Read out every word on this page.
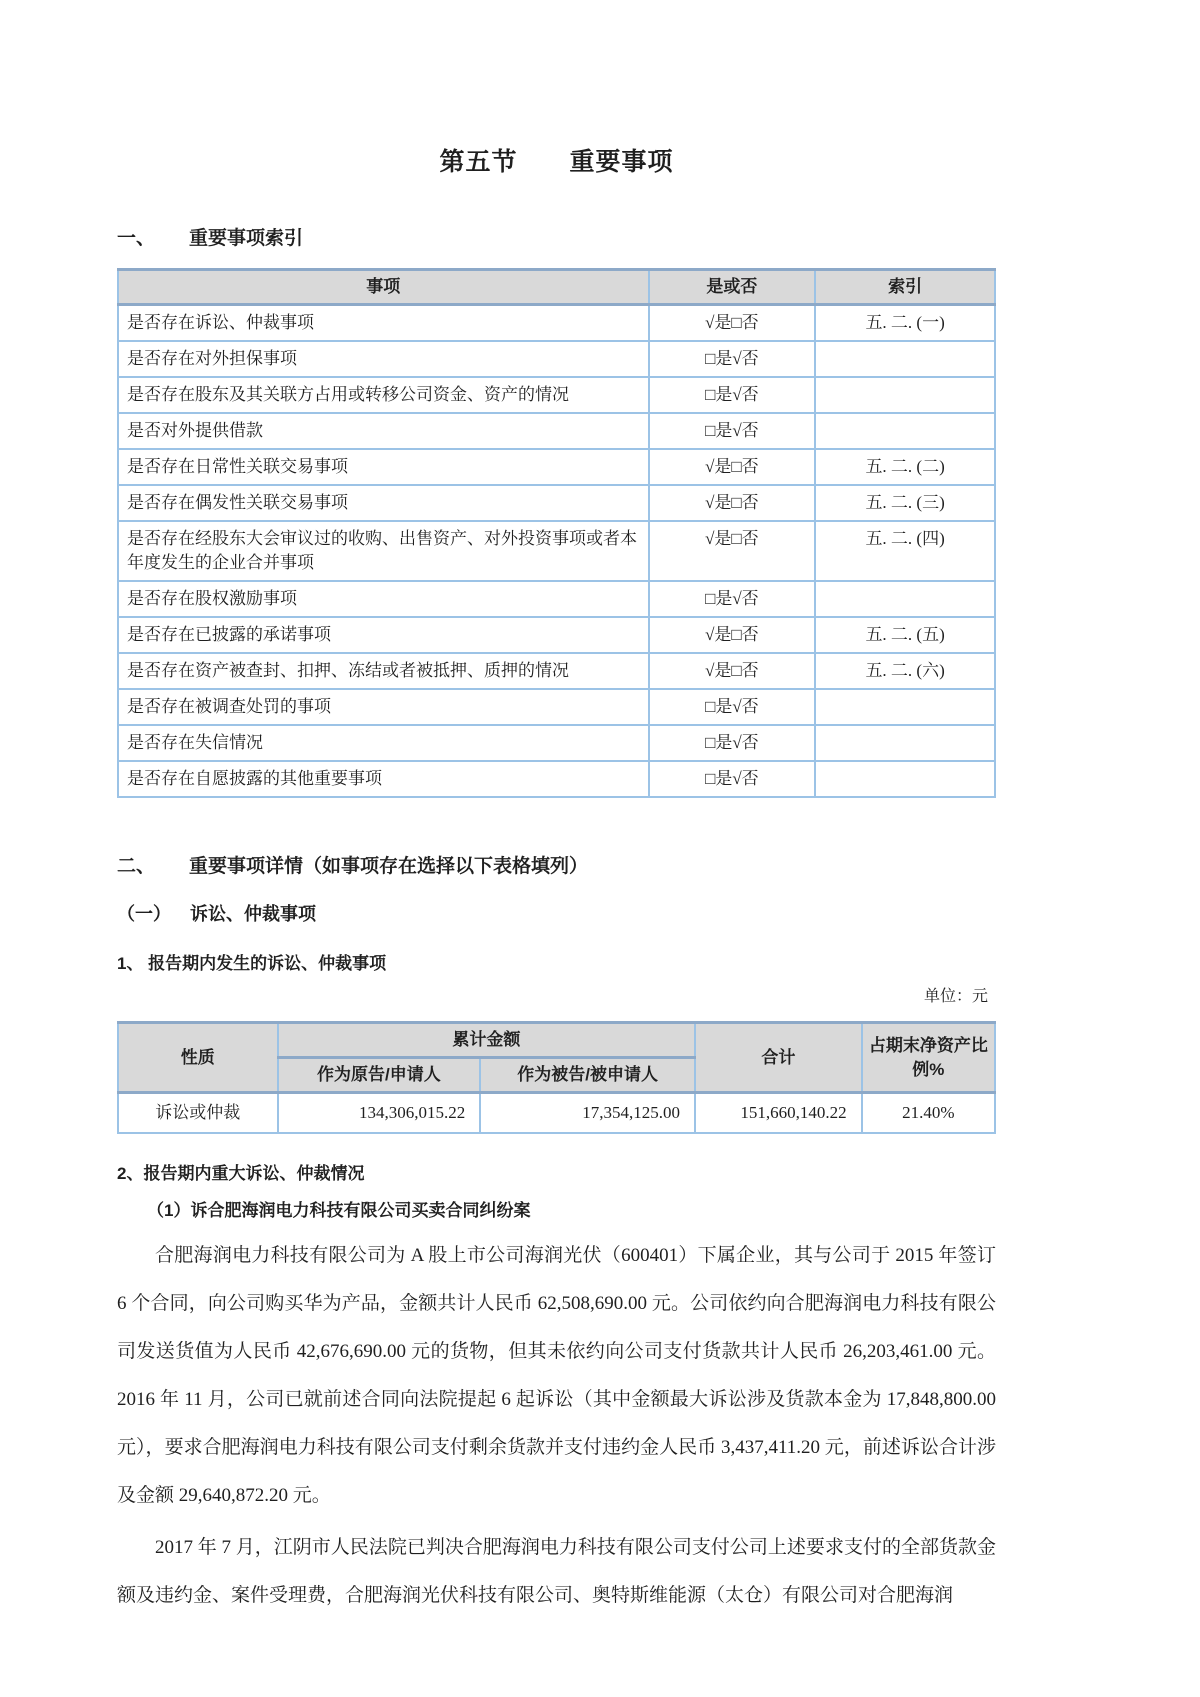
第五节　　重要事项
一、 重要事项索引
事项	是或否	索引
是否存在诉讼、仲裁事项	√是□否	五. 二. (一)
是否存在对外担保事项	□是√否	
是否存在股东及其关联方占用或转移公司资金、资产的情况	□是√否	
是否对外提供借款	□是√否	
是否存在日常性关联交易事项	√是□否	五. 二. (二)
是否存在偶发性关联交易事项	√是□否	五. 二. (三)
是否存在经股东大会审议过的收购、出售资产、对外投资事项或者本年度发生的企业合并事项	√是□否	五. 二. (四)
是否存在股权激励事项	□是√否	
是否存在已披露的承诺事项	√是□否	五. 二. (五)
是否存在资产被查封、扣押、冻结或者被抵押、质押的情况	√是□否	五. 二. (六)
是否存在被调查处罚的事项	□是√否	
是否存在失信情况	□是√否	
是否存在自愿披露的其他重要事项	□是√否	
二、 重要事项详情（如事项存在选择以下表格填列）
（一） 诉讼、仲裁事项
1、 报告期内发生的诉讼、仲裁事项
单位：元
性质	累计金额		合计	占期末净资产比例%
	作为原告/申请人	作为被告/被申请人		
诉讼或仲裁	134,306,015.22	17,354,125.00	151,660,140.22	21.40%
2、报告期内重大诉讼、仲裁情况
（1）诉合肥海润电力科技有限公司买卖合同纠纷案

合肥海润电力科技有限公司为 A 股上市公司海润光伏（600401）下属企业，其与公司于 2015 年签订 6 个合同，向公司购买华为产品，金额共计人民币 62,508,690.00 元。公司依约向合肥海润电力科技有限公司发送货值为人民币 42,676,690.00 元的货物，但其未依约向公司支付货款共计人民币 26,203,461.00 元。2016 年 11 月，公司已就前述合同向法院提起 6 起诉讼（其中金额最大诉讼涉及货款本金为 17,848,800.00 元），要求合肥海润电力科技有限公司支付剩余货款并支付违约金人民币 3,437,411.20 元，前述诉讼合计涉及金额 29,640,872.20 元。

2017 年 7 月，江阴市人民法院已判决合肥海润电力科技有限公司支付公司上述要求支付的全部货款金额及违约金、案件受理费，合肥海润光伏科技有限公司、奥特斯维能源（太仓）有限公司对合肥海润
